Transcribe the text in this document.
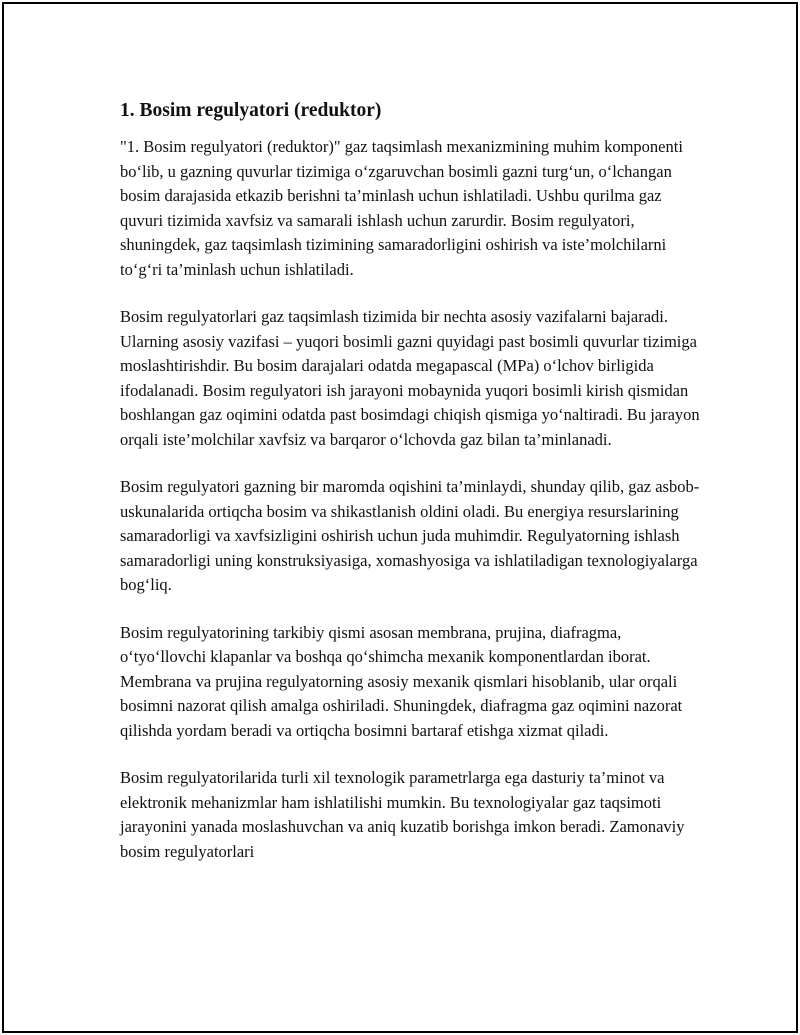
1. Bosim regulyatori (reduktor)

"1. Bosim regulyatori (reduktor)" gaz taqsimlash mexanizmining muhim komponenti bo‘lib, u gazning quvurlar tizimiga o‘zgaruvchan bosimli gazni turg‘un, o‘lchangan bosim darajasida etkazib berishni ta’minlash uchun ishlatiladi. Ushbu qurilma gaz quvuri tizimida xavfsiz va samarali ishlash uchun zarurdir. Bosim regulyatori, shuningdek, gaz taqsimlash tizimining samaradorligini oshirish va iste’molchilarni to‘g‘ri ta’minlash uchun ishlatiladi.

Bosim regulyatorlari gaz taqsimlash tizimida bir nechta asosiy vazifalarni bajaradi. Ularning asosiy vazifasi – yuqori bosimli gazni quyidagi past bosimli quvurlar tizimiga moslashtirishdir. Bu bosim darajalari odatda megapascal (MPa) o‘lchov birligida ifodalanadi. Bosim regulyatori ish jarayoni mobaynida yuqori bosimli kirish qismidan boshlangan gaz oqimini odatda past bosimdagi chiqish qismiga yo‘naltiradi. Bu jarayon orqali iste’molchilar xavfsiz va barqaror o‘lchovda gaz bilan ta’minlanadi.

Bosim regulyatori gazning bir maromda oqishini ta’minlaydi, shunday qilib, gaz asbob-uskunalarida ortiqcha bosim va shikastlanish oldini oladi. Bu energiya resurslarining samaradorligi va xavfsizligini oshirish uchun juda muhimdir. Regulyatorning ishlash samaradorligi uning konstruksiyasiga, xomashyosiga va ishlatiladigan texnologiyalarga bog‘liq.

Bosim regulyatorining tarkibiy qismi asosan membrana, prujina, diafragma, o‘tyo‘llovchi klapanlar va boshqa qo‘shimcha mexanik komponentlardan iborat. Membrana va prujina regulyatorning asosiy mexanik qismlari hisoblanib, ular orqali bosimni nazorat qilish amalga oshiriladi. Shuningdek, diafragma gaz oqimini nazorat qilishda yordam beradi va ortiqcha bosimni bartaraf etishga xizmat qiladi.

Bosim regulyatorilarida turli xil texnologik parametrlarga ega dasturiy ta’minot va elektronik mehanizmlar ham ishlatilishi mumkin. Bu texnologiyalar gaz taqsimoti jarayonini yanada moslashuvchan va aniq kuzatib borishga imkon beradi. Zamonaviy bosim regulyatorlari
